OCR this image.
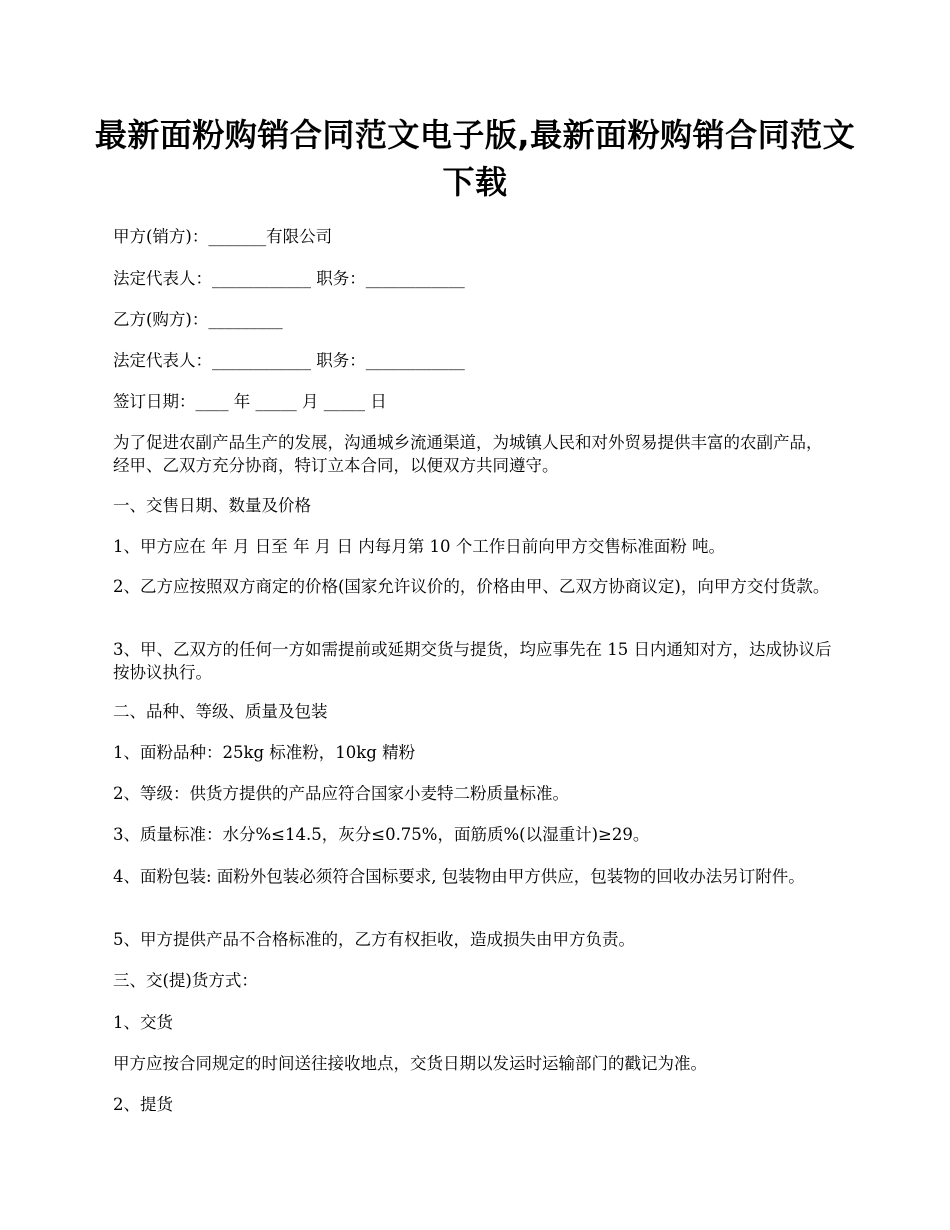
最新面粉购销合同范文电子版,最新面粉购销合同范文下载

甲方(销方)：_______有限公司

法定代表人：____________ 职务：____________

乙方(购方)：_________

法定代表人：____________ 职务：____________

签订日期：____ 年 _____ 月 _____ 日

为了促进农副产品生产的发展，沟通城乡流通渠道，为城镇人民和对外贸易提供丰富的农副产品，经甲、乙双方充分协商，特订立本合同，以便双方共同遵守。

一、交售日期、数量及价格

1、甲方应在 年 月 日至 年 月 日 内每月第 10 个工作日前向甲方交售标准面粉 吨。

2、乙方应按照双方商定的价格(国家允许议价的，价格由甲、乙双方协商议定)，向甲方交付货款。

3、甲、乙双方的任何一方如需提前或延期交货与提货，均应事先在 15 日内通知对方，达成协议后按协议执行。

二、品种、等级、质量及包装

1、面粉品种：25kg 标准粉，10kg 精粉

2、等级：供货方提供的产品应符合国家小麦特二粉质量标准。

3、质量标准：水分%≤14.5，灰分≤0.75%，面筋质%(以湿重计)≥29。

4、面粉包装: 面粉外包装必须符合国标要求, 包装物由甲方供应，包装物的回收办法另订附件。

5、甲方提供产品不合格标准的，乙方有权拒收，造成损失由甲方负责。

三、交(提)货方式：

1、交货

甲方应按合同规定的时间送往接收地点，交货日期以发运时运输部门的戳记为准。

2、提货
